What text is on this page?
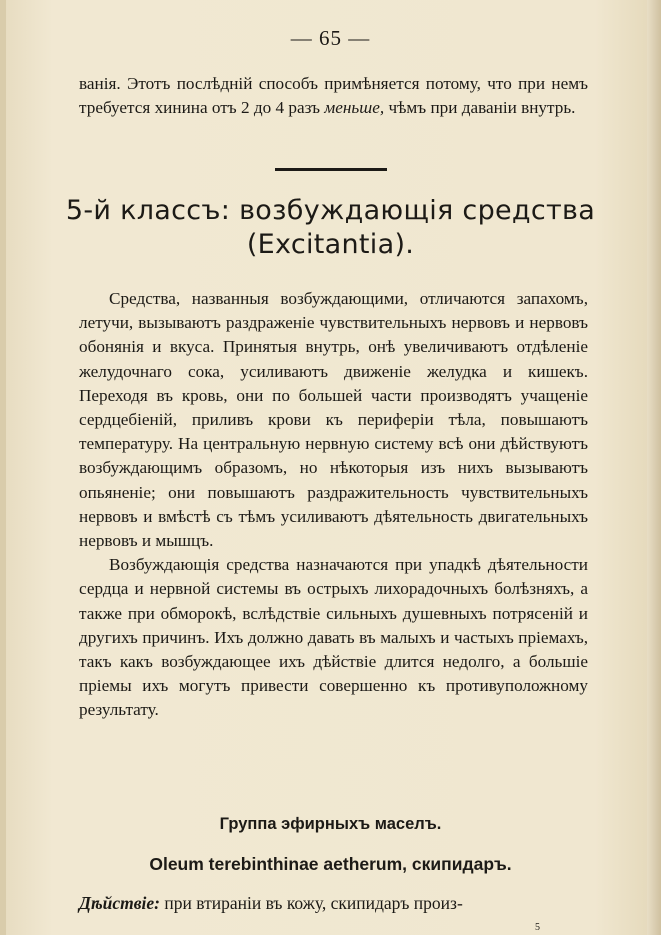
— 65 —

ванія. Этотъ послѣдній способъ примѣняется потому, что при немъ требуется хинина отъ 2 до 4 разъ меньше, чѣмъ при даваніи внутрь.

5-й классъ: возбуждающія средства
(Excitantia).

Средства, названныя возбуждающими, отличаются запахомъ, летучи, вызываютъ раздраженіе чувствительныхъ нервовъ и нервовъ обонянія и вкуса. Принятыя внутрь, онѣ увеличиваютъ отдѣленіе желудочнаго сока, усиливаютъ движеніе желудка и кишекъ. Переходя въ кровь, они по большей части производятъ учащеніе сердцебіеній, приливъ крови къ периферіи тѣла, повышаютъ температуру. На центральную нервную систему всѣ они дѣйствуютъ возбуждающимъ образомъ, но нѣкоторыя изъ нихъ вызываютъ опьяненіе; они повышаютъ раздражительность чувствительныхъ нервовъ и вмѣстѣ съ тѣмъ усиливаютъ дѣятельность двигательныхъ нервовъ и мышцъ.

Возбуждающія средства назначаются при упадкѣ дѣятельности сердца и нервной системы въ острыхъ лихорадочныхъ болѣзняхъ, а также при обморокѣ, вслѣдствіе сильныхъ душевныхъ потрясеній и другихъ причинъ. Ихъ должно давать въ малыхъ и частыхъ пріемахъ, такъ какъ возбуждающее ихъ дѣйствіе длится недолго, а большіе пріемы ихъ могутъ привести совершенно къ противуположному результату.

Группа эфирныхъ маселъ.
Oleum terebinthinae aetherum, скипидаръ.
Дѣйствіе: при втираніи въ кожу, скипидаръ произ-
5
